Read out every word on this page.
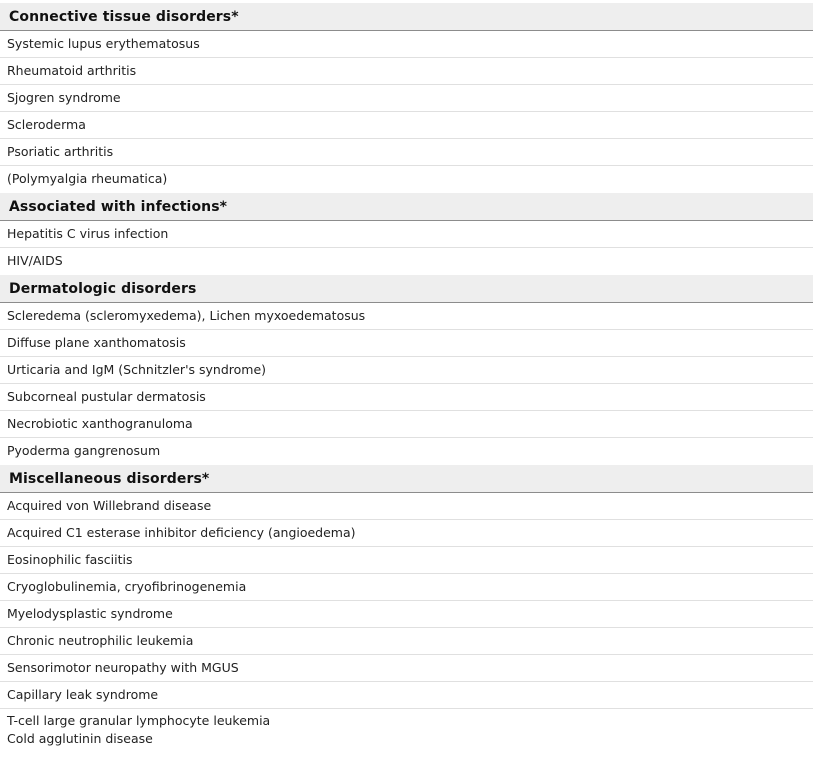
Connective tissue disorders*
Systemic lupus erythematosus
Rheumatoid arthritis
Sjogren syndrome
Scleroderma
Psoriatic arthritis
(Polymyalgia rheumatica)
Associated with infections*
Hepatitis C virus infection
HIV/AIDS
Dermatologic disorders
Scleredema (scleromyxedema), Lichen myxoedematosus
Diffuse plane xanthomatosis
Urticaria and IgM (Schnitzler's syndrome)
Subcorneal pustular dermatosis
Necrobiotic xanthogranuloma
Pyoderma gangrenosum
Miscellaneous disorders*
Acquired von Willebrand disease
Acquired C1 esterase inhibitor deficiency (angioedema)
Eosinophilic fasciitis
Cryoglobulinemia, cryofibrinogenemia
Myelodysplastic syndrome
Chronic neutrophilic leukemia
Sensorimotor neuropathy with MGUS
Capillary leak syndrome
T-cell large granular lymphocyte leukemia
Cold agglutinin disease
